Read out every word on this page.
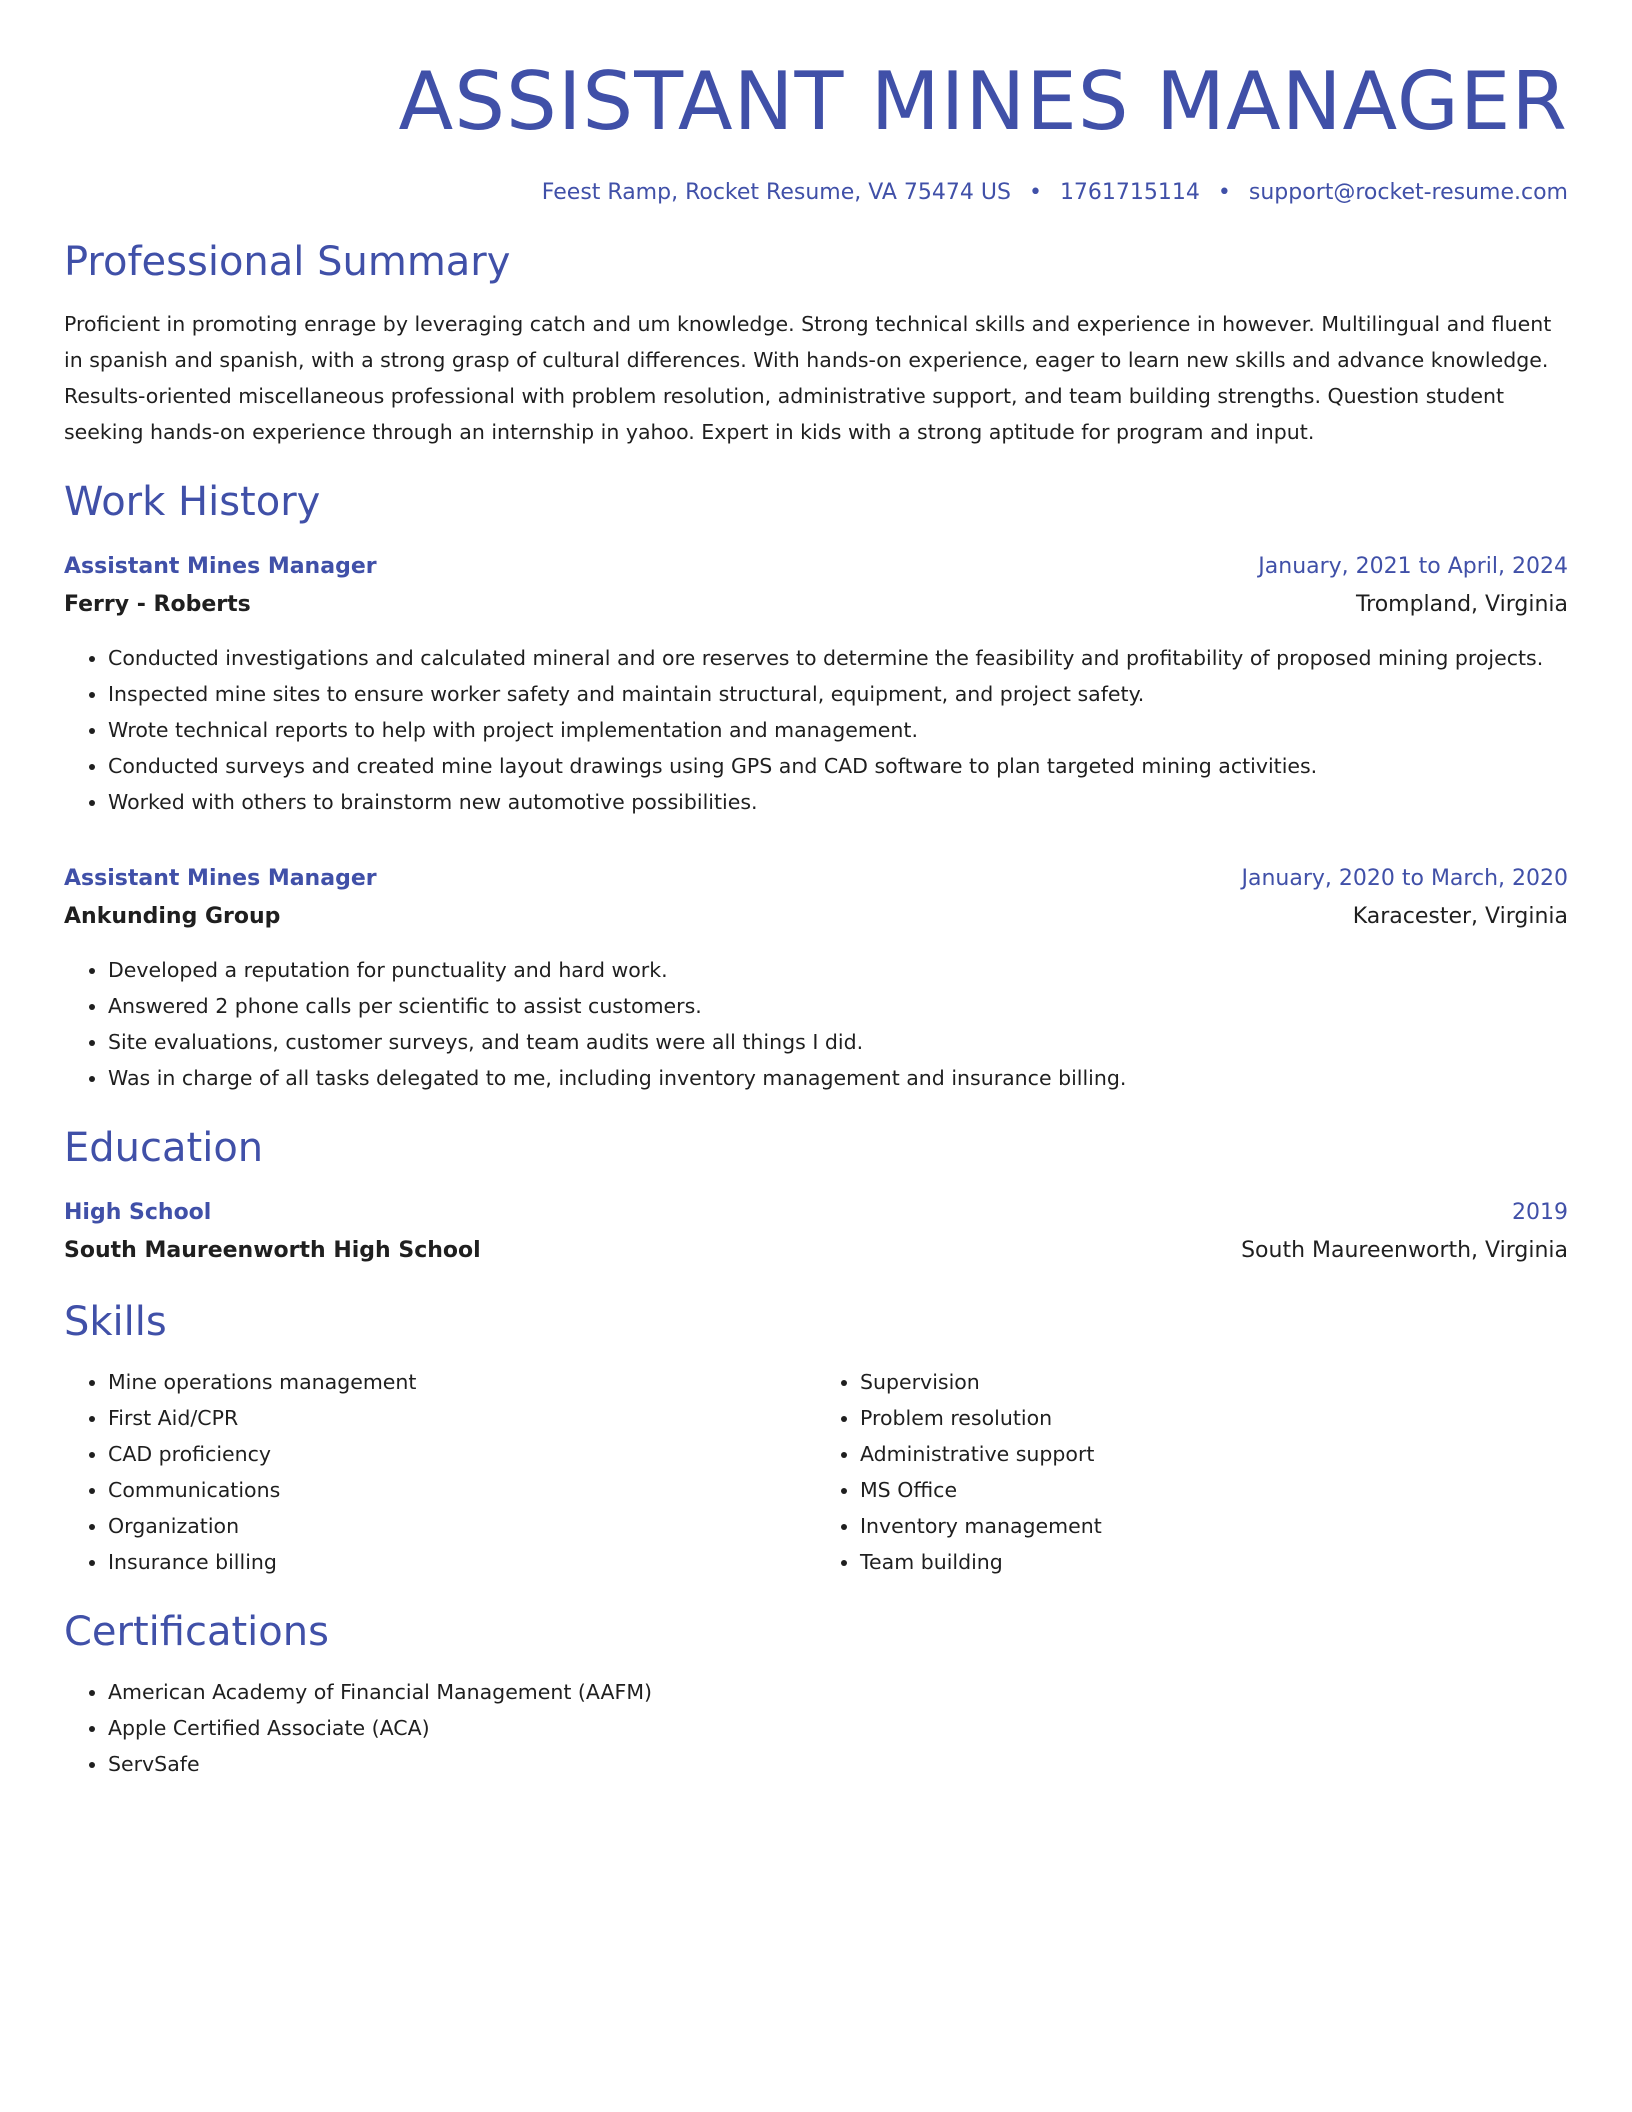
ASSISTANT MINES MANAGER
Feest Ramp, Rocket Resume, VA 75474 US • 1761715114 • support@rocket-resume.com
Professional Summary
Proficient in promoting enrage by leveraging catch and um knowledge. Strong technical skills and experience in however. Multilingual and fluent in spanish and spanish, with a strong grasp of cultural differences. With hands-on experience, eager to learn new skills and advance knowledge. Results-oriented miscellaneous professional with problem resolution, administrative support, and team building strengths. Question student seeking hands-on experience through an internship in yahoo. Expert in kids with a strong aptitude for program and input.
Work History
Assistant Mines Manager	January, 2021 to April, 2024
Ferry - Roberts	Trompland, Virginia
• Conducted investigations and calculated mineral and ore reserves to determine the feasibility and profitability of proposed mining projects.
• Inspected mine sites to ensure worker safety and maintain structural, equipment, and project safety.
• Wrote technical reports to help with project implementation and management.
• Conducted surveys and created mine layout drawings using GPS and CAD software to plan targeted mining activities.
• Worked with others to brainstorm new automotive possibilities.
Assistant Mines Manager	January, 2020 to March, 2020
Ankunding Group	Karacester, Virginia
• Developed a reputation for punctuality and hard work.
• Answered 2 phone calls per scientific to assist customers.
• Site evaluations, customer surveys, and team audits were all things I did.
• Was in charge of all tasks delegated to me, including inventory management and insurance billing.
Education
High School	2019
South Maureenworth High School	South Maureenworth, Virginia
Skills
• Mine operations management
• First Aid/CPR
• CAD proficiency
• Communications
• Organization
• Insurance billing
• Supervision
• Problem resolution
• Administrative support
• MS Office
• Inventory management
• Team building
Certifications
• American Academy of Financial Management (AAFM)
• Apple Certified Associate (ACA)
• ServSafe
